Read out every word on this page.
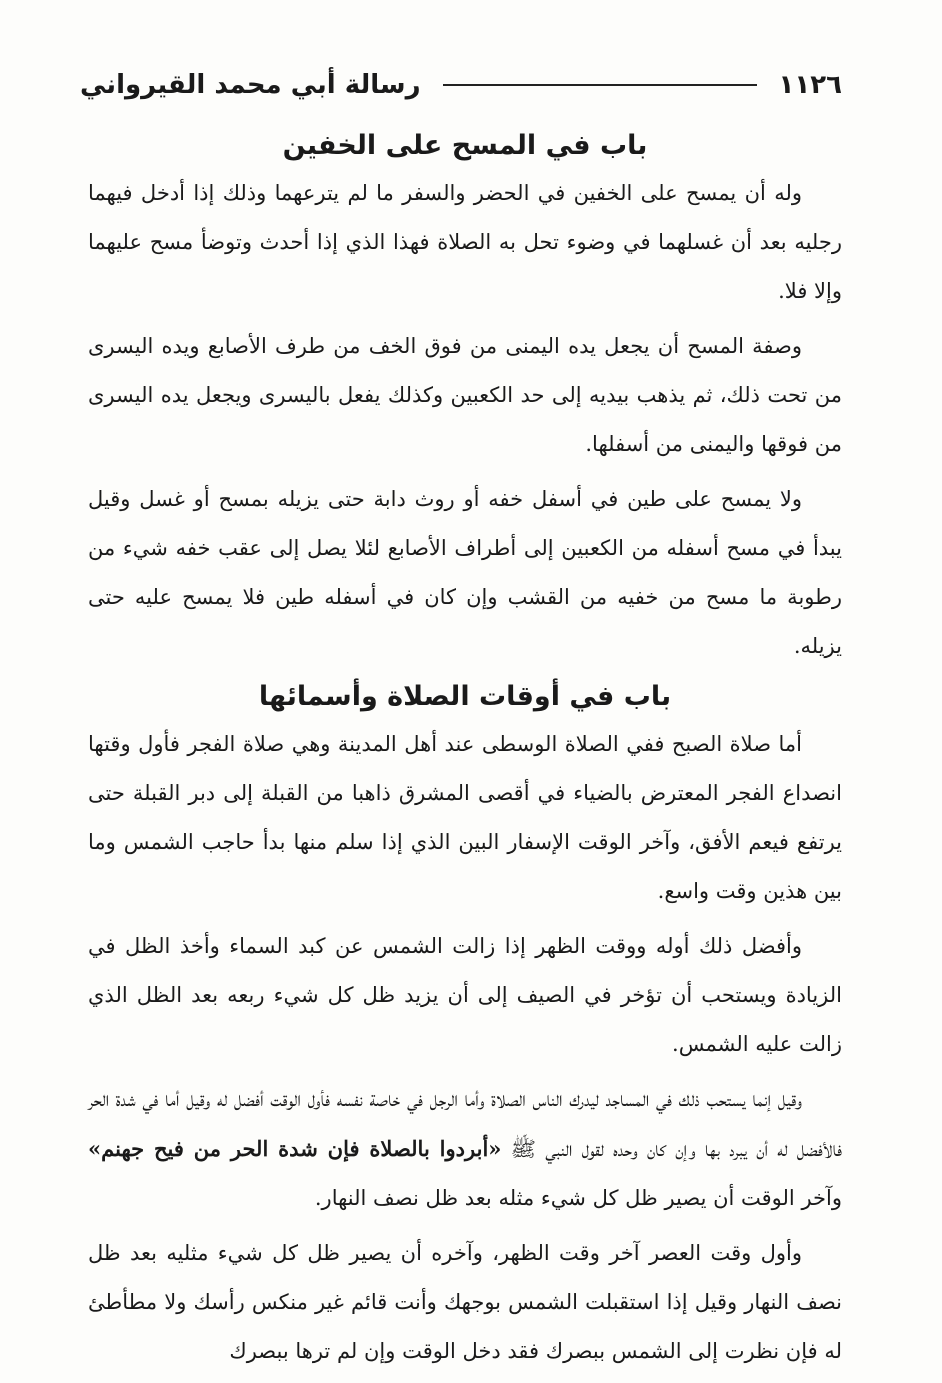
رسالة أبي محمد القيرواني	١١٢٦
باب في المسح على الخفين

وله أن يمسح على الخفين في الحضر والسفر ما لم يترعهما وذلك إذا أدخل فيهما رجليه بعد أن غسلهما في وضوء تحل به الصلاة فهذا الذي إذا أحدث وتوضأ مسح عليهما وإلا فلا.

وصفة المسح أن يجعل يده اليمنى من فوق الخف من طرف الأصابع ويده اليسرى من تحت ذلك، ثم يذهب بيديه إلى حد الكعبين وكذلك يفعل باليسرى ويجعل يده اليسرى من فوقها واليمنى من أسفلها.

ولا يمسح على طين في أسفل خفه أو روث دابة حتى يزيله بمسح أو غسل وقيل يبدأ في مسح أسفله من الكعبين إلى أطراف الأصابع لئلا يصل إلى عقب خفه شيء من رطوبة ما مسح من خفيه من القشب وإن كان في أسفله طين فلا يمسح عليه حتى يزيله.

باب في أوقات الصلاة وأسمائها

أما صلاة الصبح ففي الصلاة الوسطى عند أهل المدينة وهي صلاة الفجر فأول وقتها انصداع الفجر المعترض بالضياء في أقصى المشرق ذاهبا من القبلة إلى دبر القبلة حتى يرتفع فيعم الأفق، وآخر الوقت الإسفار البين الذي إذا سلم منها بدأ حاجب الشمس وما بين هذين وقت واسع.

وأفضل ذلك أوله ووقت الظهر إذا زالت الشمس عن كبد السماء وأخذ الظل في الزيادة ويستحب أن تؤخر في الصيف إلى أن يزيد ظل كل شيء ربعه بعد الظل الذي زالت عليه الشمس.

وقيل إنما يستحب ذلك في المساجد ليدرك الناس الصلاة وأما الرجل في خاصة نفسه فأول الوقت أفضل له وقيل أما في شدة الحر فالأفضل له أن يبرد بها وإن كان وحده لقول النبي ﷺ «أبردوا بالصلاة فإن شدة الحر من فيح جهنم» وآخر الوقت أن يصير ظل كل شيء مثله بعد ظل نصف النهار.

وأول وقت العصر آخر وقت الظهر، وآخره أن يصير ظل كل شيء مثليه بعد ظل نصف النهار وقيل إذا استقبلت الشمس بوجهك وأنت قائم غير منكس رأسك ولا مطأطئ له فإن نظرت إلى الشمس ببصرك فقد دخل الوقت وإن لم ترها ببصرك
